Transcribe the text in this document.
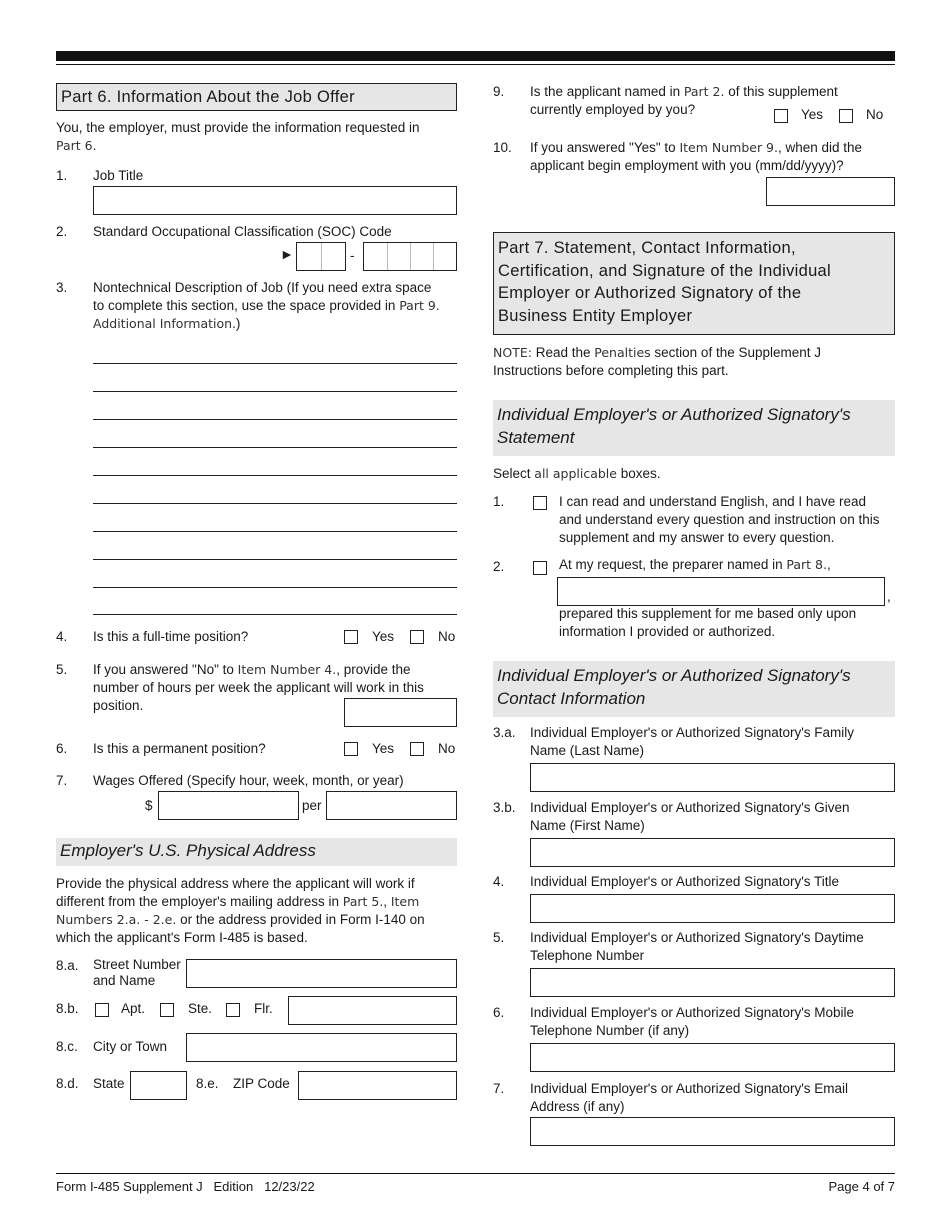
Part 6. Information About the Job Offer
You, the employer, must provide the information requested in
Part 6.
1. Job Title
2. Standard Occupational Classification (SOC) Code
►	-
3. Nontechnical Description of Job (If you need extra space
to complete this section, use the space provided in Part 9.
Additional Information.)
4. Is this a full-time position?	Yes	No
5. If you answered "No" to Item Number 4., provide the
number of hours per week the applicant will work in this
position.
6. Is this a permanent position?	Yes	No
7. Wages Offered (Specify hour, week, month, or year)
$	per
Employer's U.S. Physical Address
Provide the physical address where the applicant will work if
different from the employer's mailing address in Part 5., Item
Numbers 2.a. - 2.e. or the address provided in Form I-140 on
which the applicant's Form I-485 is based.
8.a. Street Number
and Name
8.b.	Apt.	Ste.	Flr.
8.c. City or Town
8.d. State	8.e. ZIP Code
9. Is the applicant named in Part 2. of this supplement
currently employed by you?	Yes	No
10. If you answered "Yes" to Item Number 9., when did the
applicant begin employment with you (mm/dd/yyyy)?
Part 7. Statement, Contact Information,
Certification, and Signature of the Individual
Employer or Authorized Signatory of the
Business Entity Employer
NOTE: Read the Penalties section of the Supplement J
Instructions before completing this part.
Individual Employer's or Authorized Signatory's
Statement
Select all applicable boxes.
1.	I can read and understand English, and I have read
and understand every question and instruction on this
supplement and my answer to every question.
2.	At my request, the preparer named in Part 8.,
,
prepared this supplement for me based only upon
information I provided or authorized.
Individual Employer's or Authorized Signatory's
Contact Information
3.a. Individual Employer's or Authorized Signatory's Family
Name (Last Name)
3.b. Individual Employer's or Authorized Signatory's Given
Name (First Name)
4. Individual Employer's or Authorized Signatory's Title
5. Individual Employer's or Authorized Signatory's Daytime
Telephone Number
6. Individual Employer's or Authorized Signatory's Mobile
Telephone Number (if any)
7. Individual Employer's or Authorized Signatory's Email
Address (if any)
Form I-485 Supplement J   Edition   12/23/22	Page 4 of 7
